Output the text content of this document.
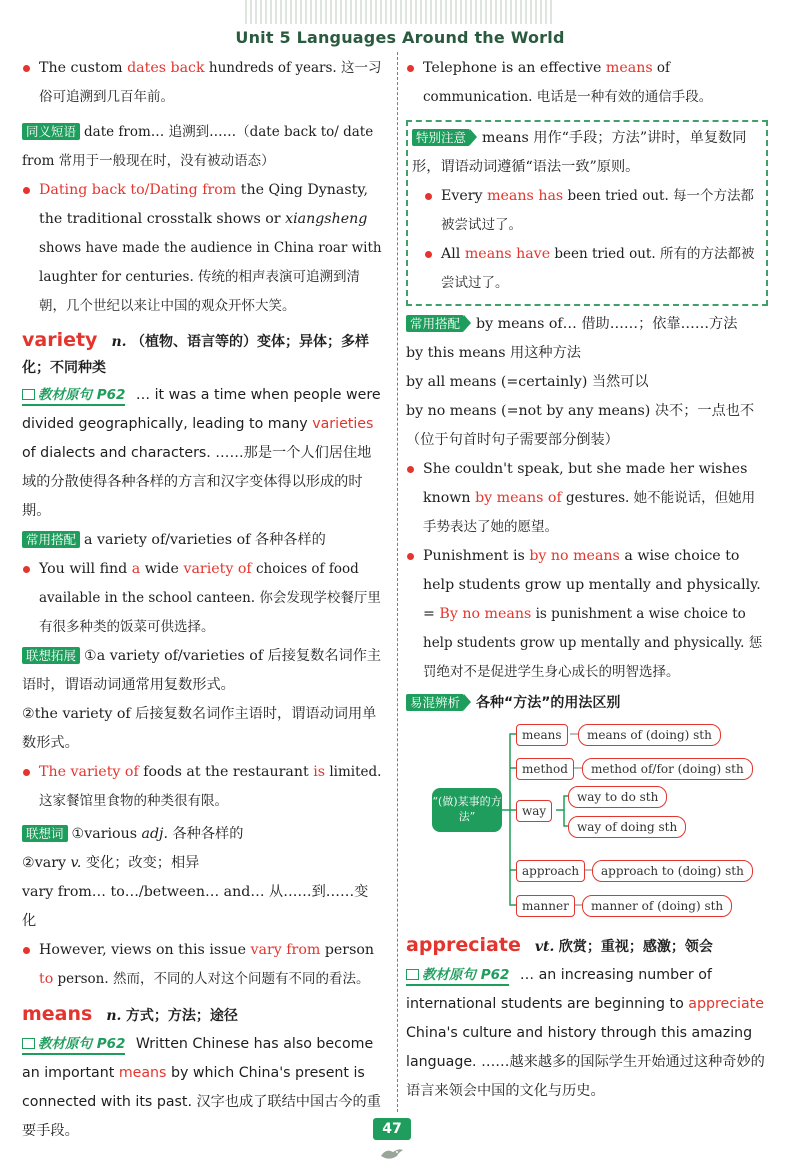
Unit 5 Languages Around the World

The custom dates back hundreds of years. 这一习俗可追溯到几百年前。

同义短语 date from… 追溯到……（date back to/ date from 常用于一般现在时，没有被动语态）

Dating back to/Dating from the Qing Dynasty, the traditional crosstalk shows or xiangsheng shows have made the audience in China roar with laughter for centuries. 传统的相声表演可追溯到清朝，几个世纪以来让中国的观众开怀大笑。

variety n. （植物、语言等的）变体；异体；多样化；不同种类

教材原句 P62 … it was a time when people were divided geographically, leading to many varieties of dialects and characters. ……那是一个人们居住地域的分散使得各种各样的方言和汉字变体得以形成的时期。

常用搭配 a variety of/varieties of 各种各样的

You will find a wide variety of choices of food available in the school canteen. 你会发现学校餐厅里有很多种类的饭菜可供选择。

联想拓展 ①a variety of/varieties of 后接复数名词作主语时，谓语动词通常用复数形式。

②the variety of 后接复数名词作主语时，谓语动词用单数形式。

The variety of foods at the restaurant is limited. 这家餐馆里食物的种类很有限。

联想词 ①various adj. 各种各样的

②vary v. 变化；改变；相异

vary from… to…/between… and… 从……到……变化

However, views on this issue vary from person to person. 然而，不同的人对这个问题有不同的看法。

means n. 方式；方法；途径

教材原句 P62 Written Chinese has also become an important means by which China's present is connected with its past. 汉字也成了联结中国古今的重要手段。

Telephone is an effective means of communication. 电话是一种有效的通信手段。

特别注意 means 用作“手段；方法”讲时，单复数同形，谓语动词遵循“语法一致”原则。

Every means has been tried out. 每一个方法都被尝试过了。

All means have been tried out. 所有的方法都被尝试过了。

常用搭配 by means of… 借助……；依靠……方法

by this means 用这种方法

by all means (=certainly) 当然可以

by no means (=not by any means) 决不；一点也不（位于句首时句子需要部分倒装）

She couldn't speak, but she made her wishes known by means of gestures. 她不能说话，但她用手势表达了她的愿望。

Punishment is by no means a wise choice to help students grow up mentally and physically. = By no means is punishment a wise choice to help students grow up mentally and physically. 惩罚绝对不是促进学生身心成长的明智选择。

易混辨析 各种“方法”的用法区别

“(做)某事的方法”
means
method
way
approach
manner
means of (doing) sth
method of/for (doing) sth
way to do sth
way of doing sth
approach to (doing) sth
manner of (doing) sth

appreciate vt. 欣赏；重视；感激；领会

教材原句 P62 … an increasing number of international students are beginning to appreciate China's culture and history through this amazing language. ……越来越多的国际学生开始通过这种奇妙的语言来领会中国的文化与历史。

47
